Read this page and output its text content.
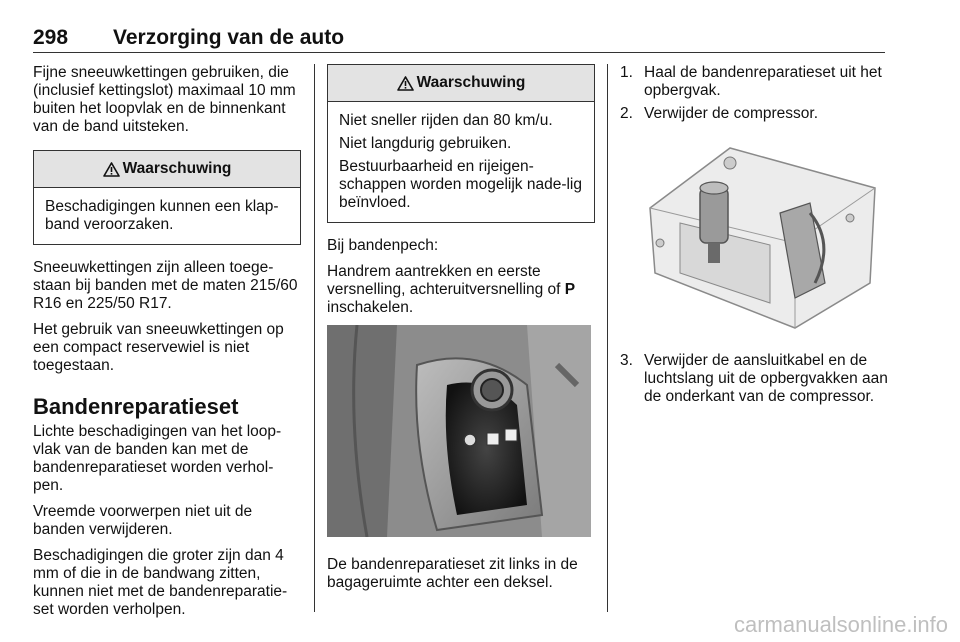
298 Verzorging van de auto

Fijne sneeuwkettingen gebruiken, die (inclusief kettingslot) maximaal 10 mm buiten het loopvlak en de binnenkant van de band uitsteken.

Waarschuwing

Beschadigingen kunnen een klap-band veroorzaken.

Sneeuwkettingen zijn alleen toege-staan bij banden met de maten 215/60 R16 en 225/50 R17.

Het gebruik van sneeuwkettingen op een compact reservewiel is niet toegestaan.

Bandenreparatieset

Lichte beschadigingen van het loop-vlak van de banden kan met de bandenreparatieset worden verhol-pen.

Vreemde voorwerpen niet uit de banden verwijderen.

Beschadigingen die groter zijn dan 4 mm of die in de bandwang zitten, kunnen niet met de bandenreparatie-set worden verholpen.

Waarschuwing

Niet sneller rijden dan 80 km/u.

Niet langdurig gebruiken.

Bestuurbaarheid en rijeigen-schappen worden mogelijk nade-lig beïnvloed.

Bij bandenpech:

Handrem aantrekken en eerste versnelling, achteruitversnelling of P inschakelen.

De bandenreparatieset zit links in de bagageruimte achter een deksel.

1. Haal de bandenreparatieset uit het opbergvak.
2. Verwijder de compressor.
3. Verwijder de aansluitkabel en de luchtslang uit de opbergvakken aan de onderkant van de compressor.
carmanualsonline.info
